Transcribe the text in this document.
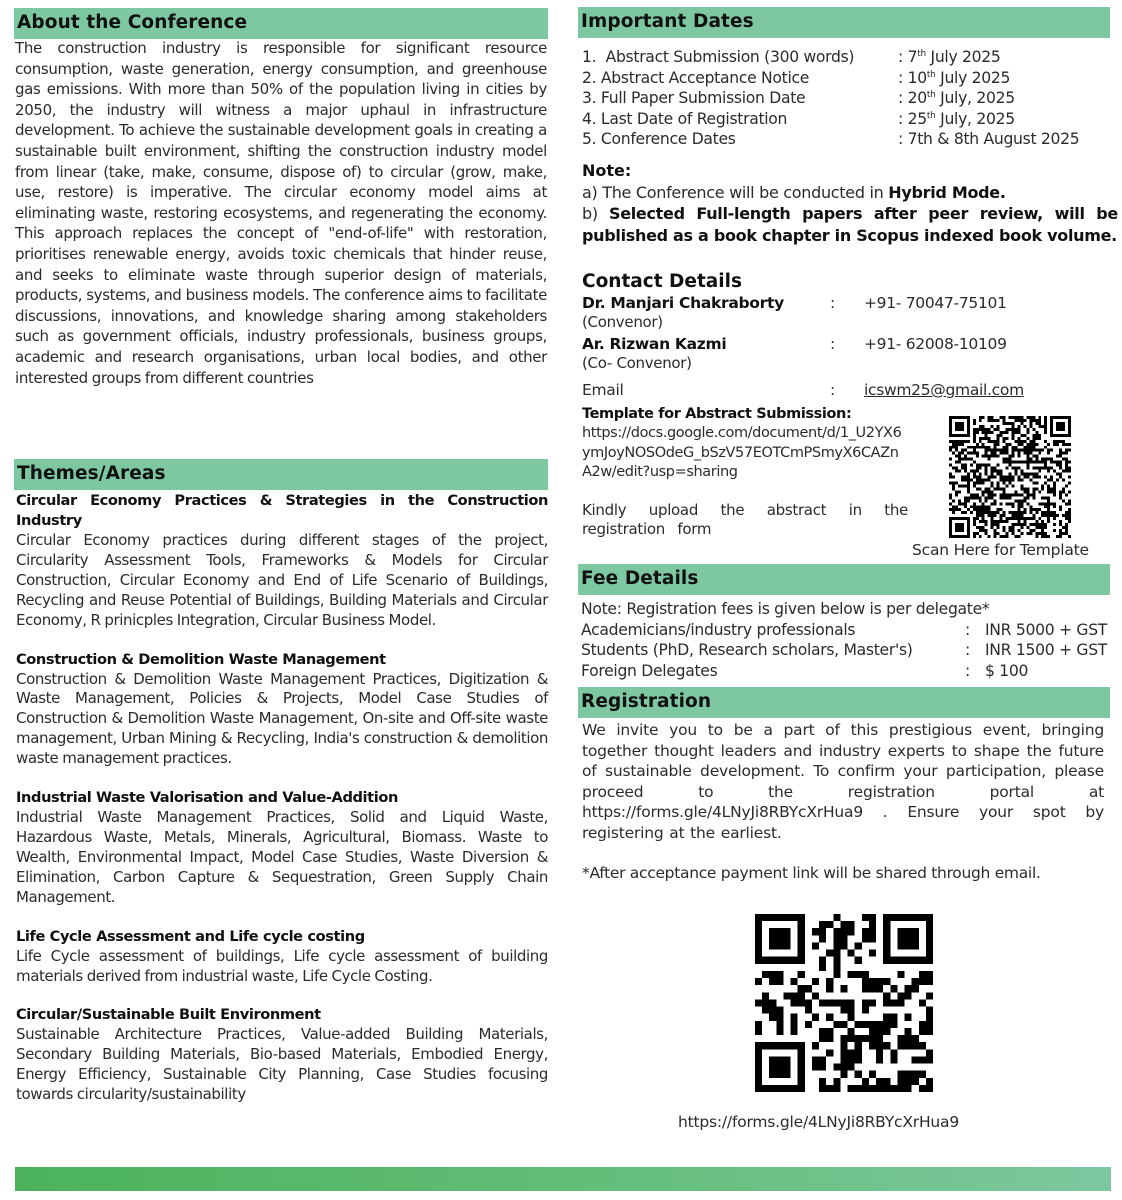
About the Conference
The construction industry is responsible for significant resource consumption, waste generation, energy consumption, and greenhouse gas emissions. With more than 50% of the population living in cities by 2050, the industry will witness a major uphaul in infrastructure development. To achieve the sustainable development goals in creating a sustainable built environment, shifting the construction industry model from linear (take, make, consume, dispose of) to circular (grow, make, use, restore) is imperative. The circular economy model aims at eliminating waste, restoring ecosystems, and regenerating the economy. This approach replaces the concept of "end-of-life" with restoration, prioritises renewable energy, avoids toxic chemicals that hinder reuse, and seeks to eliminate waste through superior design of materials, products, systems, and business models. The conference aims to facilitate discussions, innovations, and knowledge sharing among stakeholders such as government officials, industry professionals, business groups, academic and research organisations, urban local bodies, and other interested groups from different countries
Themes/Areas
Circular Economy Practices & Strategies in the Construction Industry
Circular Economy practices during different stages of the project, Circularity Assessment Tools, Frameworks & Models for Circular Construction, Circular Economy and End of Life Scenario of Buildings, Recycling and Reuse Potential of Buildings, Building Materials and Circular Economy, R prinicples Integration, Circular Business Model.
Construction & Demolition Waste Management
Construction & Demolition Waste Management Practices, Digitization & Waste Management, Policies & Projects, Model Case Studies of Construction & Demolition Waste Management, On-site and Off-site waste management, Urban Mining & Recycling, India's construction & demolition waste management practices.
Industrial Waste Valorisation and Value-Addition
Industrial Waste Management Practices, Solid and Liquid Waste, Hazardous Waste, Metals, Minerals, Agricultural, Biomass. Waste to Wealth, Environmental Impact, Model Case Studies, Waste Diversion & Elimination, Carbon Capture & Sequestration, Green Supply Chain Management.
Life Cycle Assessment and Life cycle costing
Life Cycle assessment of buildings, Life cycle assessment of building materials derived from industrial waste, Life Cycle Costing.
Circular/Sustainable Built Environment
Sustainable Architecture Practices, Value-added Building Materials, Secondary Building Materials, Bio-based Materials, Embodied Energy, Energy Efficiency, Sustainable City Planning, Case Studies focusing towards circularity/sustainability
Important Dates
1.  Abstract Submission (300 words)	: 7th July 2025
2. Abstract Acceptance Notice	: 10th July 2025
3. Full Paper Submission Date	: 20th July, 2025
4. Last Date of Registration	: 25th July, 2025
5. Conference Dates	: 7th & 8th August 2025
Note:
a) The Conference will be conducted in Hybrid Mode.
b) Selected Full-length papers after peer review, will be published as a book chapter in Scopus indexed book volume.
Contact Details
Dr. Manjari Chakraborty	:	+91- 70047-75101
(Convenor)
Ar. Rizwan Kazmi	:	+91- 62008-10109
(Co- Convenor)
Email	:	icswm25@gmail.com
Template for Abstract Submission:
https://docs.google.com/document/d/1_U2YX6ymJoyNOSOdeG_bSzV57EOTCmPSmyX6CAZnA2w/edit?usp=sharing
Kindly upload the abstract in the registration form
Scan Here for Template
Fee Details
Note: Registration fees is given below is per delegate*
Academicians/industry professionals	: INR 5000 + GST
Students (PhD, Research scholars, Master's)	: INR 1500 + GST
Foreign Delegates	: $ 100
Registration
We invite you to be a part of this prestigious event, bringing together thought leaders and industry experts to shape the future of sustainable development. To confirm your participation, please proceed to the registration portal at https://forms.gle/4LNyJi8RBYcXrHua9 . Ensure your spot by registering at the earliest.
*After acceptance payment link will be shared through email.
https://forms.gle/4LNyJi8RBYcXrHua9
